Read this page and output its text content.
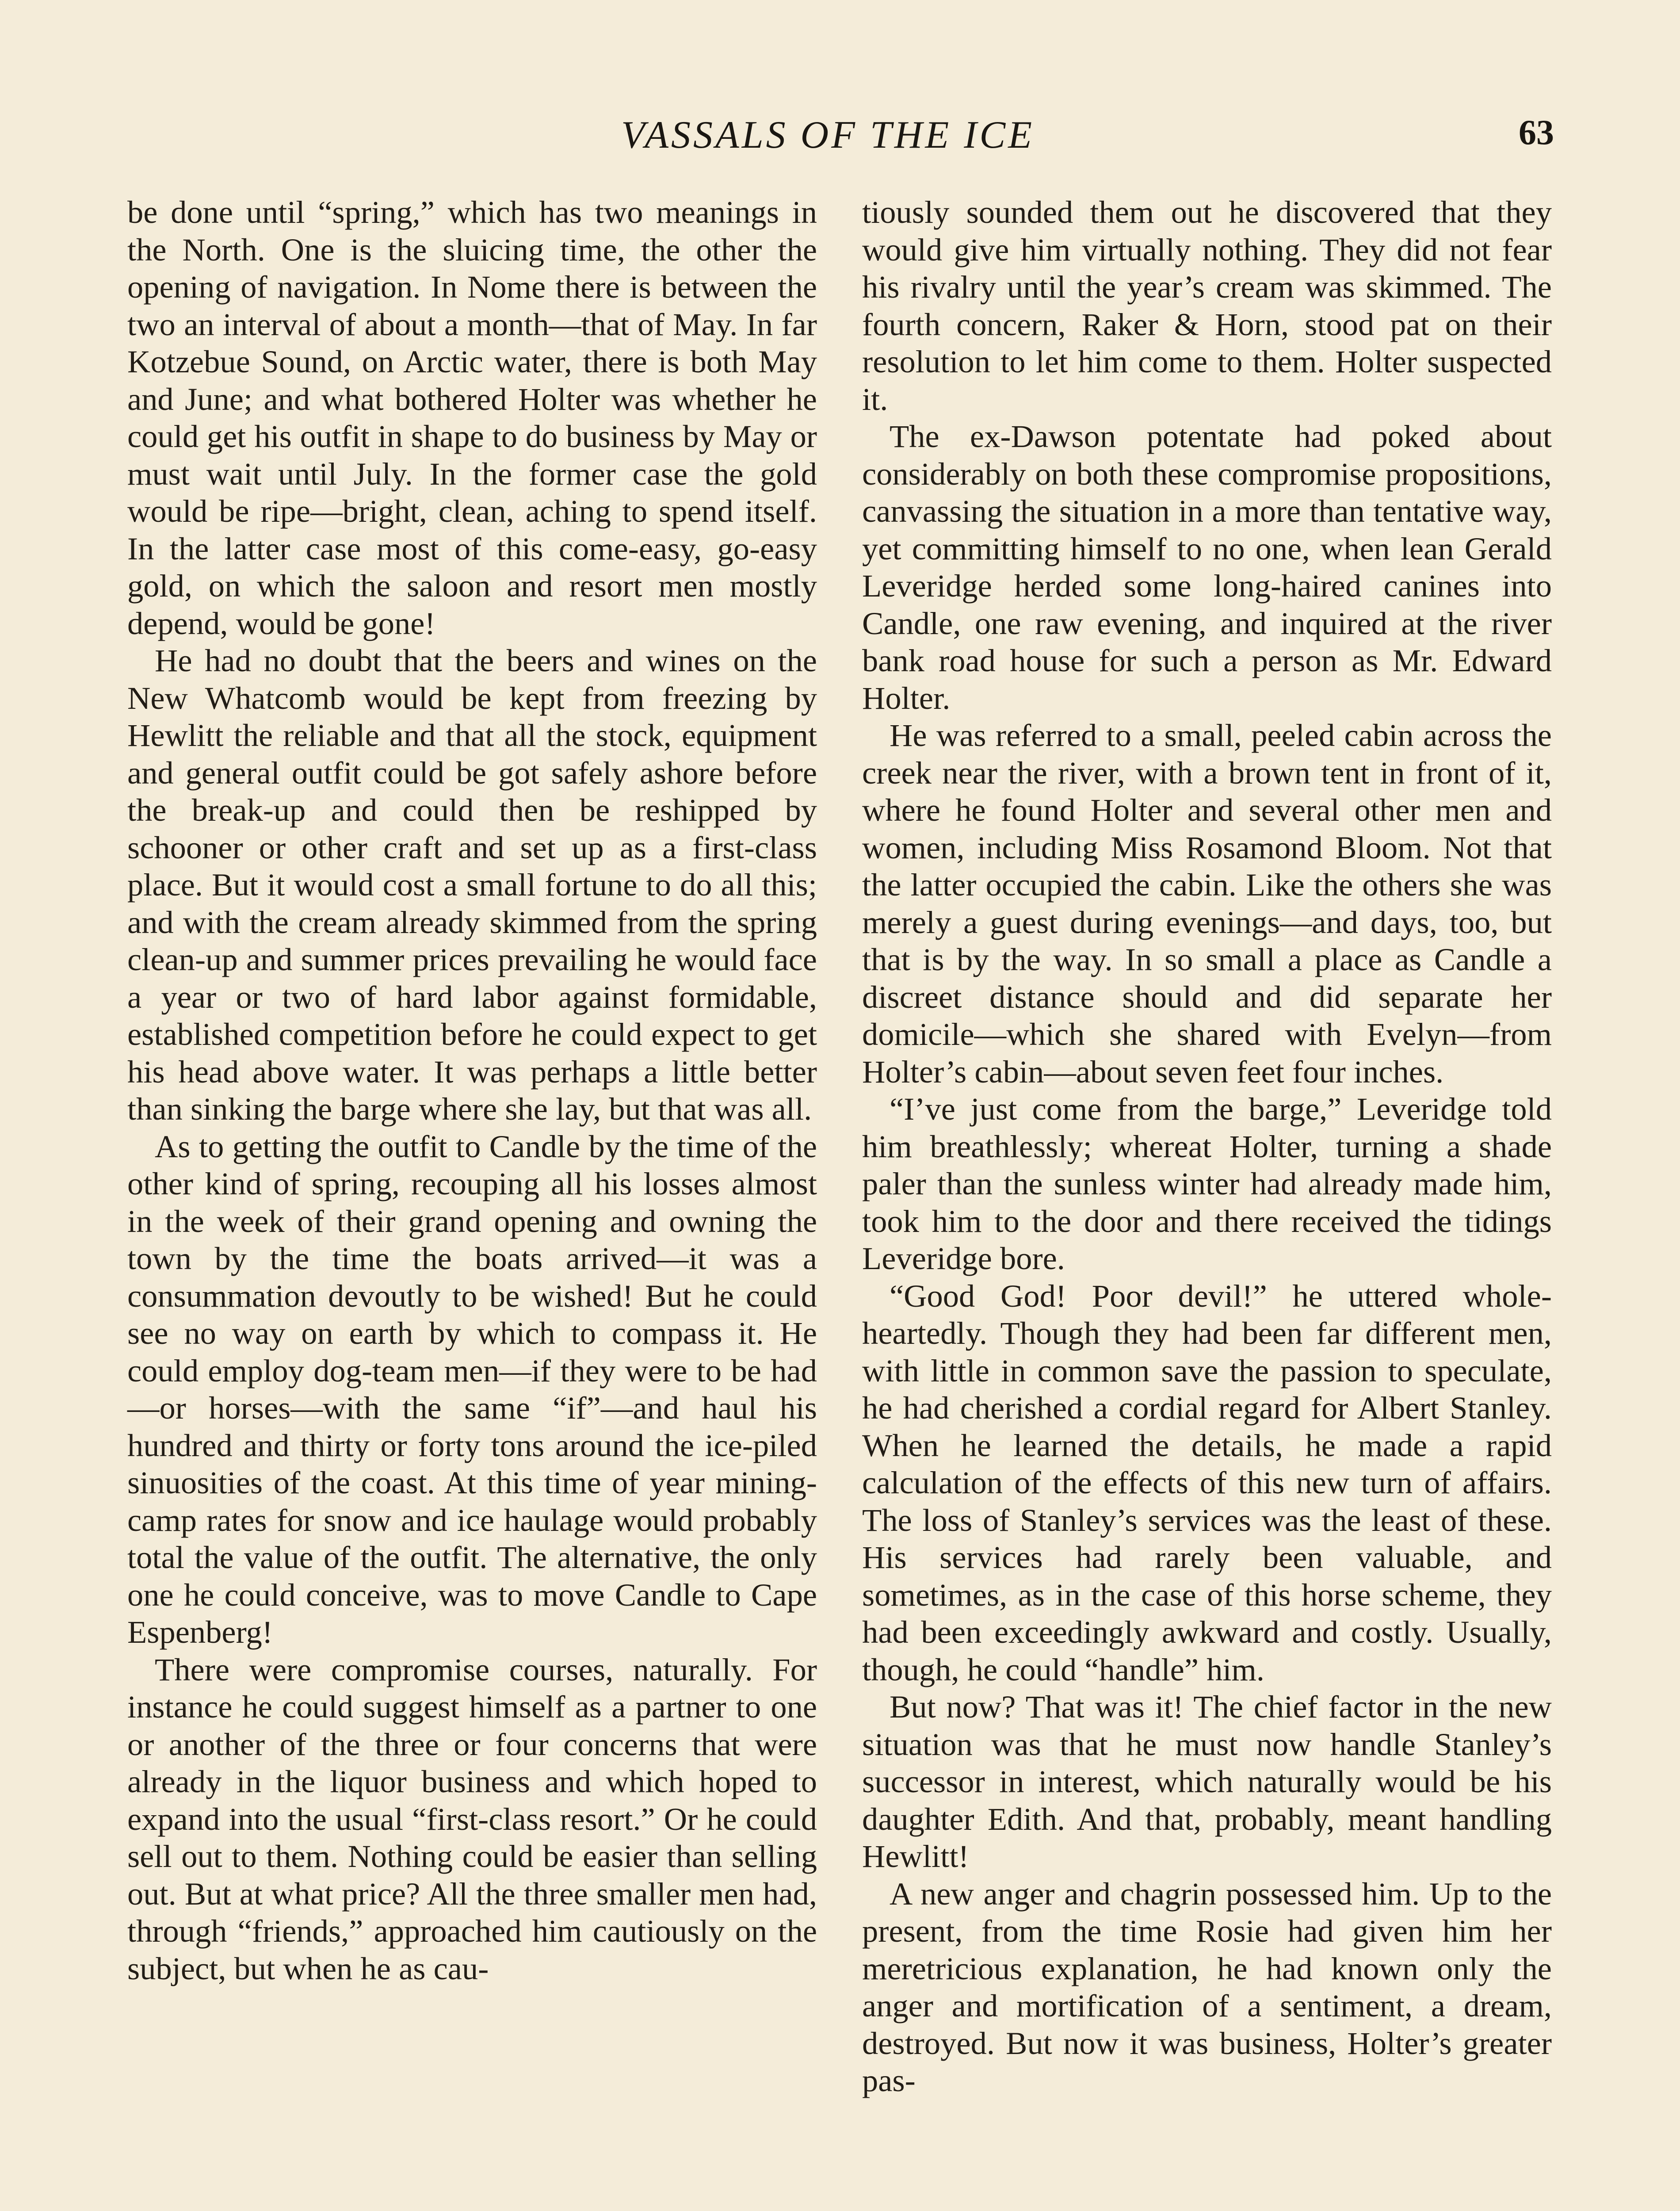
VASSALS OF THE ICE	63

be done until “spring,” which has two meanings in the North. One is the sluicing time, the other the opening of navigation. In Nome there is between the two an interval of about a month—that of May. In far Kotzebue Sound, on Arctic water, there is both May and June; and what bothered Holter was whether he could get his outfit in shape to do business by May or must wait until July. In the former case the gold would be ripe—bright, clean, aching to spend itself. In the latter case most of this come-easy, go-easy gold, on which the saloon and resort men mostly depend, would be gone!

He had no doubt that the beers and wines on the New Whatcomb would be kept from freezing by Hewlitt the reliable and that all the stock, equipment and general outfit could be got safely ashore before the break-up and could then be reshipped by schooner or other craft and set up as a first-class place. But it would cost a small fortune to do all this; and with the cream already skimmed from the spring clean-up and summer prices prevailing he would face a year or two of hard labor against formidable, established competition before he could expect to get his head above water. It was perhaps a little better than sinking the barge where she lay, but that was all.

As to getting the outfit to Candle by the time of the other kind of spring, recouping all his losses almost in the week of their grand opening and owning the town by the time the boats arrived—it was a consummation devoutly to be wished! But he could see no way on earth by which to compass it. He could employ dog-team men—if they were to be had—or horses—with the same “if”—and haul his hundred and thirty or forty tons around the ice-piled sinuosities of the coast. At this time of year mining-camp rates for snow and ice haulage would probably total the value of the outfit. The alternative, the only one he could conceive, was to move Candle to Cape Espenberg!

There were compromise courses, naturally. For instance he could suggest himself as a partner to one or another of the three or four concerns that were already in the liquor business and which hoped to expand into the usual “first-class resort.” Or he could sell out to them. Nothing could be easier than selling out. But at what price? All the three smaller men had, through “friends,” approached him cautiously on the subject, but when he as cau-

tiously sounded them out he discovered that they would give him virtually nothing. They did not fear his rivalry until the year’s cream was skimmed. The fourth concern, Raker & Horn, stood pat on their resolution to let him come to them. Holter suspected it.

The ex-Dawson potentate had poked about considerably on both these compromise propositions, canvassing the situation in a more than tentative way, yet committing himself to no one, when lean Gerald Leveridge herded some long-haired canines into Candle, one raw evening, and inquired at the river bank road house for such a person as Mr. Edward Holter.

He was referred to a small, peeled cabin across the creek near the river, with a brown tent in front of it, where he found Holter and several other men and women, including Miss Rosamond Bloom. Not that the latter occupied the cabin. Like the others she was merely a guest during evenings—and days, too, but that is by the way. In so small a place as Candle a discreet distance should and did separate her domicile—which she shared with Evelyn—from Holter’s cabin—about seven feet four inches.

“I’ve just come from the barge,” Leveridge told him breathlessly; whereat Holter, turning a shade paler than the sunless winter had already made him, took him to the door and there received the tidings Leveridge bore.

“Good God! Poor devil!” he uttered whole-heartedly. Though they had been far different men, with little in common save the passion to speculate, he had cherished a cordial regard for Albert Stanley. When he learned the details, he made a rapid calculation of the effects of this new turn of affairs. The loss of Stanley’s services was the least of these. His services had rarely been valuable, and sometimes, as in the case of this horse scheme, they had been exceedingly awkward and costly. Usually, though, he could “handle” him.

But now? That was it! The chief factor in the new situation was that he must now handle Stanley’s successor in interest, which naturally would be his daughter Edith. And that, probably, meant handling Hewlitt!

A new anger and chagrin possessed him. Up to the present, from the time Rosie had given him her meretricious explanation, he had known only the anger and mortification of a sentiment, a dream, destroyed. But now it was business, Holter’s greater pas-
